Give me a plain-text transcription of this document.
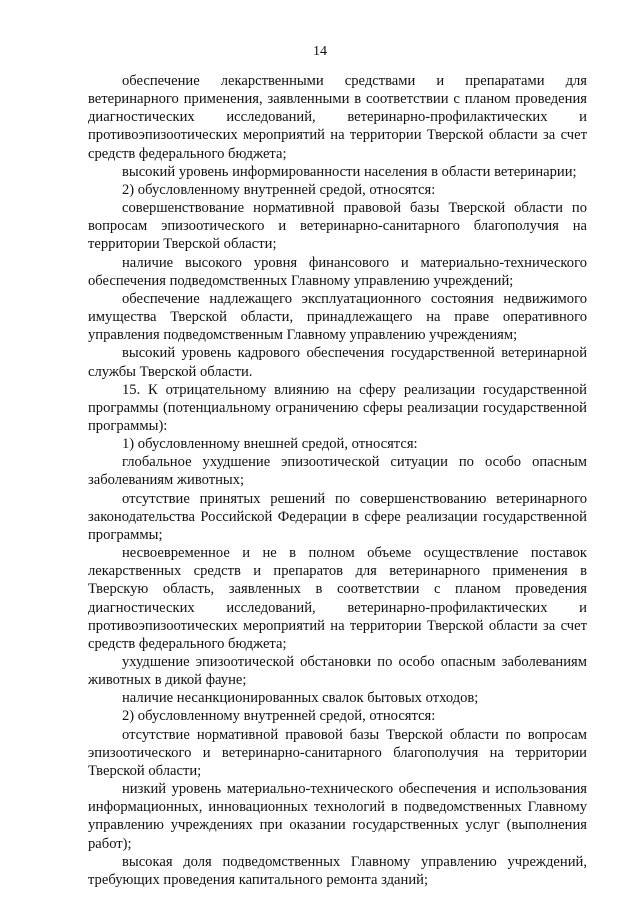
14

обеспечение лекарственными средствами и препаратами для ветеринарного применения, заявленными в соответствии с планом проведения диагностических исследований, ветеринарно-профилактических и противоэпизоотических мероприятий на территории Тверской области за счет средств федерального бюджета;

высокий уровень информированности населения в области ветеринарии;

2) обусловленному внутренней средой, относятся:

совершенствование нормативной правовой базы Тверской области по вопросам эпизоотического и ветеринарно-санитарного благополучия на территории Тверской области;

наличие высокого уровня финансового и материально-технического обеспечения подведомственных Главному управлению учреждений;

обеспечение надлежащего эксплуатационного состояния недвижимого имущества Тверской области, принадлежащего на праве оперативного управления подведомственным Главному управлению учреждениям;

высокий уровень кадрового обеспечения государственной ветеринарной службы Тверской области.

15. К отрицательному влиянию на сферу реализации государственной программы (потенциальному ограничению сферы реализации государственной программы):

1) обусловленному внешней средой, относятся:

глобальное ухудшение эпизоотической ситуации по особо опасным заболеваниям животных;

отсутствие принятых решений по совершенствованию ветеринарного законодательства Российской Федерации в сфере реализации государственной программы;

несвоевременное и не в полном объеме осуществление поставок лекарственных средств и препаратов для ветеринарного применения в Тверскую область, заявленных в соответствии с планом проведения диагностических исследований, ветеринарно-профилактических и противоэпизоотических мероприятий на территории Тверской области за счет средств федерального бюджета;

ухудшение эпизоотической обстановки по особо опасным заболеваниям животных в дикой фауне;

наличие несанкционированных свалок бытовых отходов;

2) обусловленному внутренней средой, относятся:

отсутствие нормативной правовой базы Тверской области по вопросам эпизоотического и ветеринарно-санитарного благополучия на территории Тверской области;

низкий уровень материально-технического обеспечения и использования информационных, инновационных технологий в подведомственных Главному управлению учреждениях при оказании государственных услуг (выполнения работ);

высокая доля подведомственных Главному управлению учреждений, требующих проведения капитального ремонта зданий;
